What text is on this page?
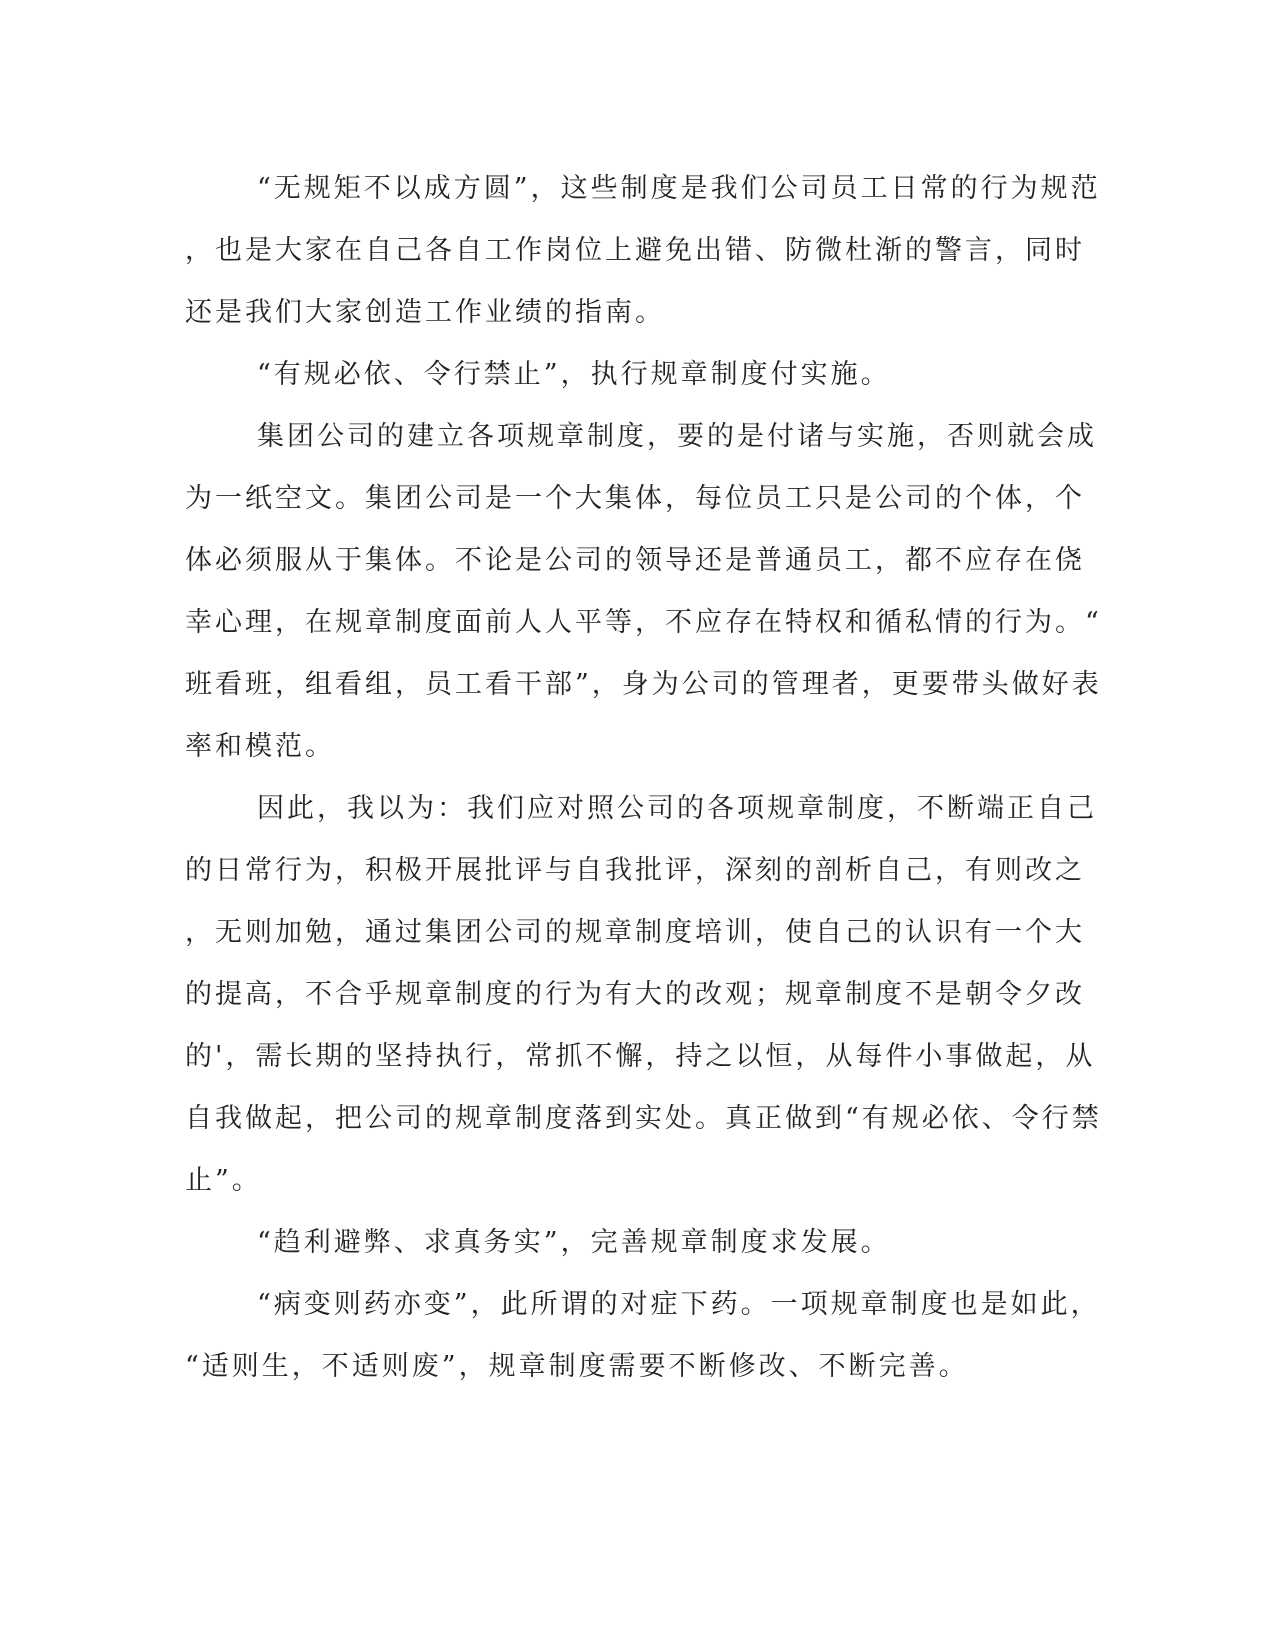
“无规矩不以成方圆”，这些制度是我们公司员工日常的行为规范
，也是大家在自己各自工作岗位上避免出错、防微杜渐的警言，同时
还是我们大家创造工作业绩的指南。
“有规必依、令行禁止”，执行规章制度付实施。
集团公司的建立各项规章制度，要的是付诸与实施，否则就会成
为一纸空文。集团公司是一个大集体，每位员工只是公司的个体，个
体必须服从于集体。不论是公司的领导还是普通员工，都不应存在侥
幸心理，在规章制度面前人人平等，不应存在特权和循私情的行为。“
班看班，组看组，员工看干部”，身为公司的管理者，更要带头做好表
率和模范。
因此，我以为：我们应对照公司的各项规章制度，不断端正自己
的日常行为，积极开展批评与自我批评，深刻的剖析自己，有则改之
，无则加勉，通过集团公司的规章制度培训，使自己的认识有一个大
的提高，不合乎规章制度的行为有大的改观；规章制度不是朝令夕改
的'，需长期的坚持执行，常抓不懈，持之以恒，从每件小事做起，从
自我做起，把公司的规章制度落到实处。真正做到“有规必依、令行禁
止”。
“趋利避弊、求真务实”，完善规章制度求发展。
“病变则药亦变”，此所谓的对症下药。一项规章制度也是如此，
“适则生，不适则废”，规章制度需要不断修改、不断完善。
